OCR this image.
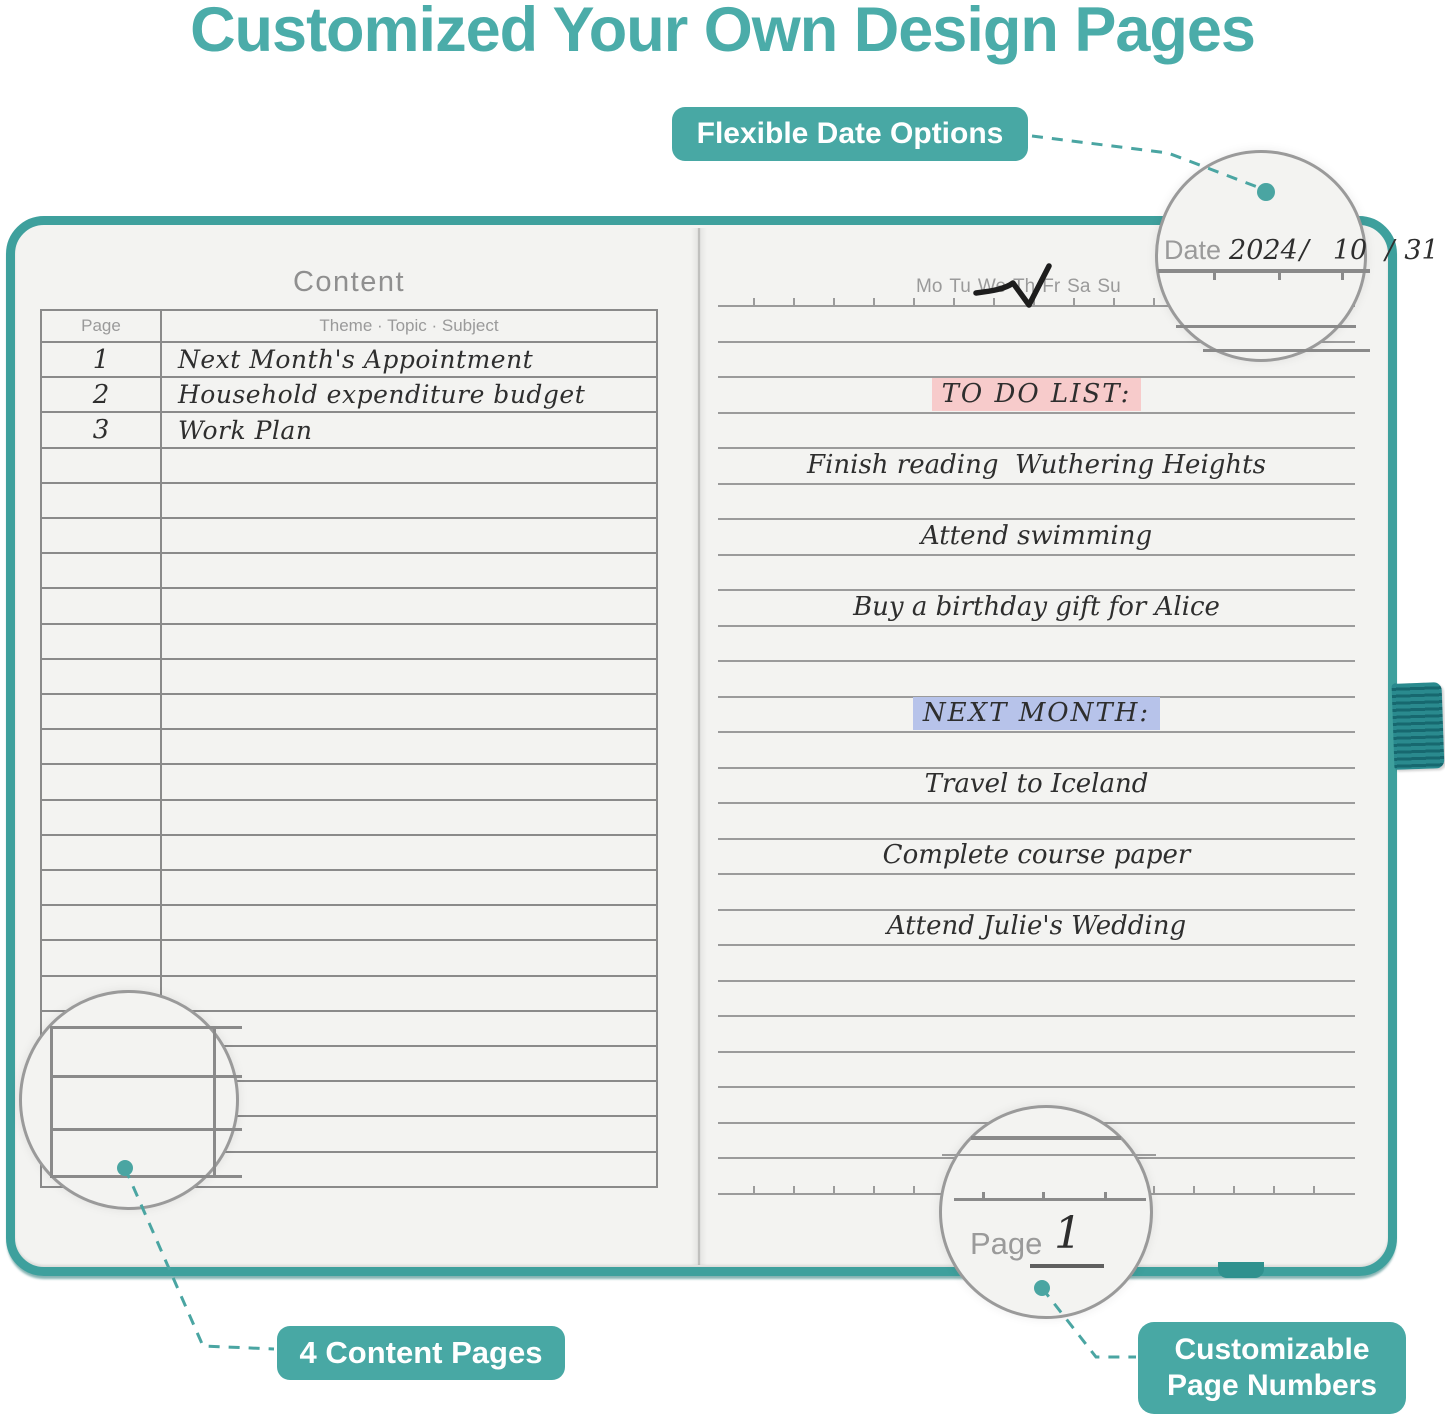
Customized Your Own Design Pages
Content
Page	Theme · Topic · Subject
1	Next Month's Appointment
2	Household expenditure budget
3	Work Plan
Mo Tu We Th Fr Sa Su
TO DO LIST:
Finish reading  Wuthering Heights
Attend swimming
Buy a birthday gift for Alice
NEXT MONTH:
Travel to Iceland
Complete course paper
Attend Julie's Wedding
Date 2024 / 10 / 31
Page 1
Flexible Date Options
4 Content Pages	Customizable Page Numbers
